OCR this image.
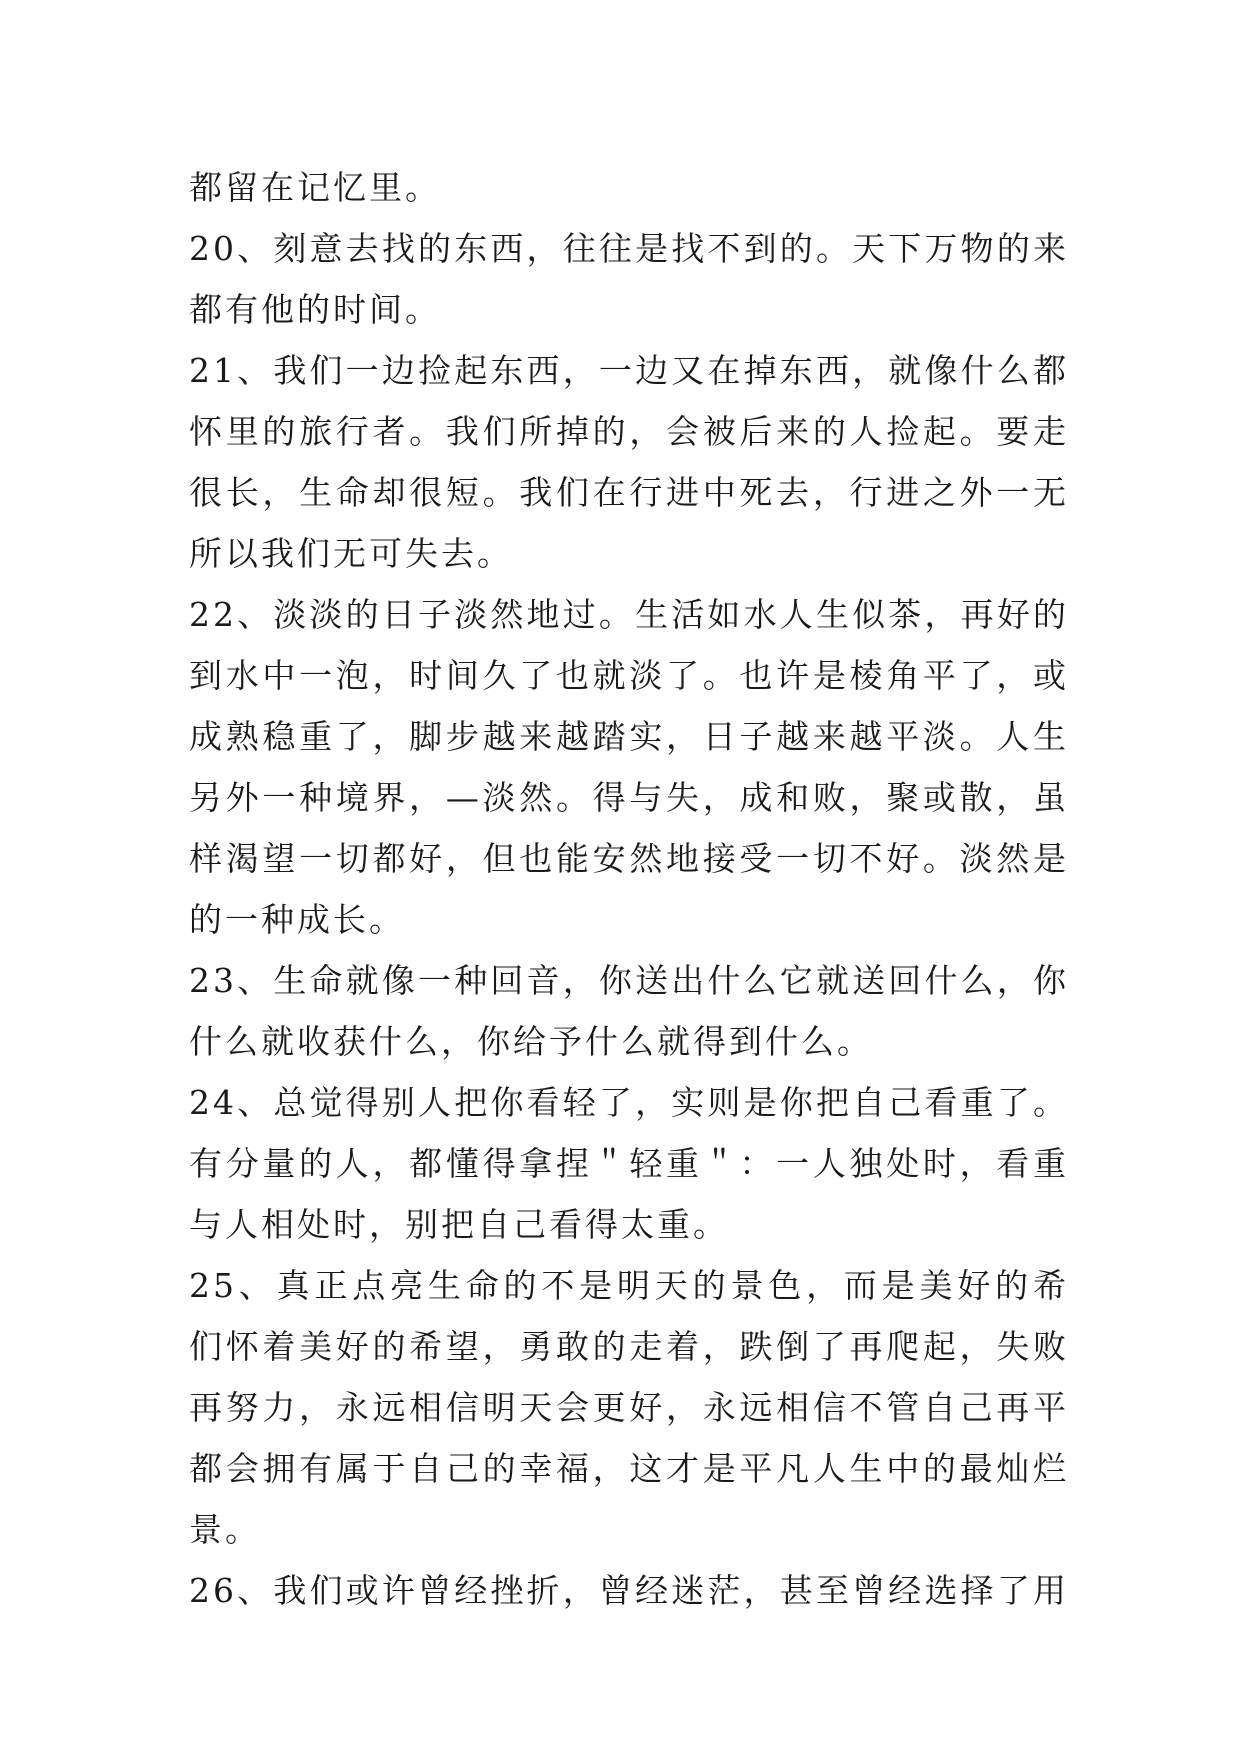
都留在记忆里。
20、刻意去找的东西，往往是找不到的。天下万物的来
都有他的时间。
21、我们一边捡起东西，一边又在掉东西，就像什么都
怀里的旅行者。我们所掉的，会被后来的人捡起。要走
很长，生命却很短。我们在行进中死去，行进之外一无
所以我们无可失去。
22、淡淡的日子淡然地过。生活如水人生似茶，再好的
到水中一泡，时间久了也就淡了。也许是棱角平了，或
成熟稳重了，脚步越来越踏实，日子越来越平淡。人生
另外一种境界，—淡然。得与失，成和败，聚或散，虽
样渴望一切都好，但也能安然地接受一切不好。淡然是
的一种成长。
23、生命就像一种回音，你送出什么它就送回什么，你
什么就收获什么，你给予什么就得到什么。
24、总觉得别人把你看轻了，实则是你把自己看重了。
有分量的人，都懂得拿捏＂轻重＂：一人独处时，看重
与人相处时，别把自己看得太重。
25、真正点亮生命的不是明天的景色，而是美好的希
们怀着美好的希望，勇敢的走着，跌倒了再爬起，失败
再努力，永远相信明天会更好，永远相信不管自己再平
都会拥有属于自己的幸福，这才是平凡人生中的最灿烂
景。
26、我们或许曾经挫折，曾经迷茫，甚至曾经选择了用
